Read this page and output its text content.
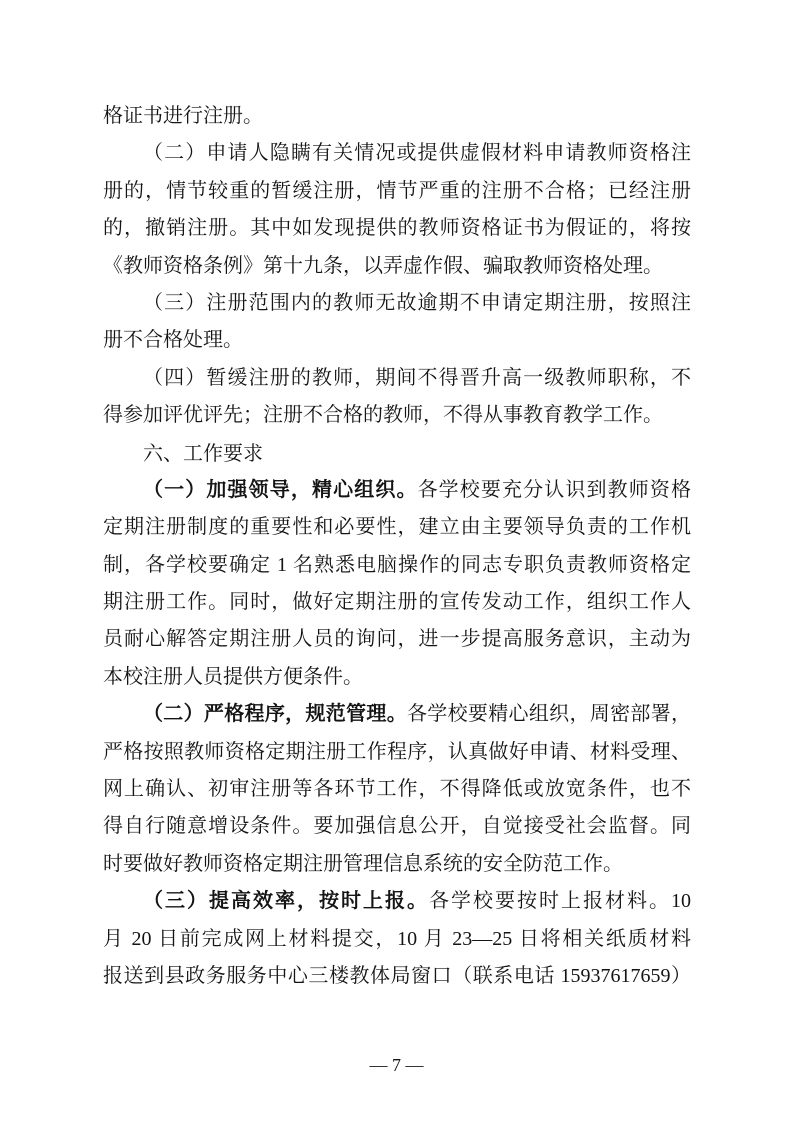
格证书进行注册。
（二）申请人隐瞒有关情况或提供虚假材料申请教师资格注
册的，情节较重的暂缓注册，情节严重的注册不合格；已经注册
的，撤销注册。其中如发现提供的教师资格证书为假证的，将按
《教师资格条例》第十九条，以弄虚作假、骗取教师资格处理。
（三）注册范围内的教师无故逾期不申请定期注册，按照注
册不合格处理。
（四）暂缓注册的教师，期间不得晋升高一级教师职称，不
得参加评优评先；注册不合格的教师，不得从事教育教学工作。
六、工作要求
（一）加强领导，精心组织。各学校要充分认识到教师资格
定期注册制度的重要性和必要性，建立由主要领导负责的工作机
制，各学校要确定 1 名熟悉电脑操作的同志专职负责教师资格定
期注册工作。同时，做好定期注册的宣传发动工作，组织工作人
员耐心解答定期注册人员的询问，进一步提高服务意识，主动为
本校注册人员提供方便条件。
（二）严格程序，规范管理。各学校要精心组织，周密部署，
严格按照教师资格定期注册工作程序，认真做好申请、材料受理、
网上确认、初审注册等各环节工作，不得降低或放宽条件，也不
得自行随意增设条件。要加强信息公开，自觉接受社会监督。同
时要做好教师资格定期注册管理信息系统的安全防范工作。
（三）提高效率，按时上报。各学校要按时上报材料。10
月 20 日前完成网上材料提交，10 月 23—25 日将相关纸质材料
报送到县政务服务中心三楼教体局窗口（联系电话 15937617659）
— 7 —
